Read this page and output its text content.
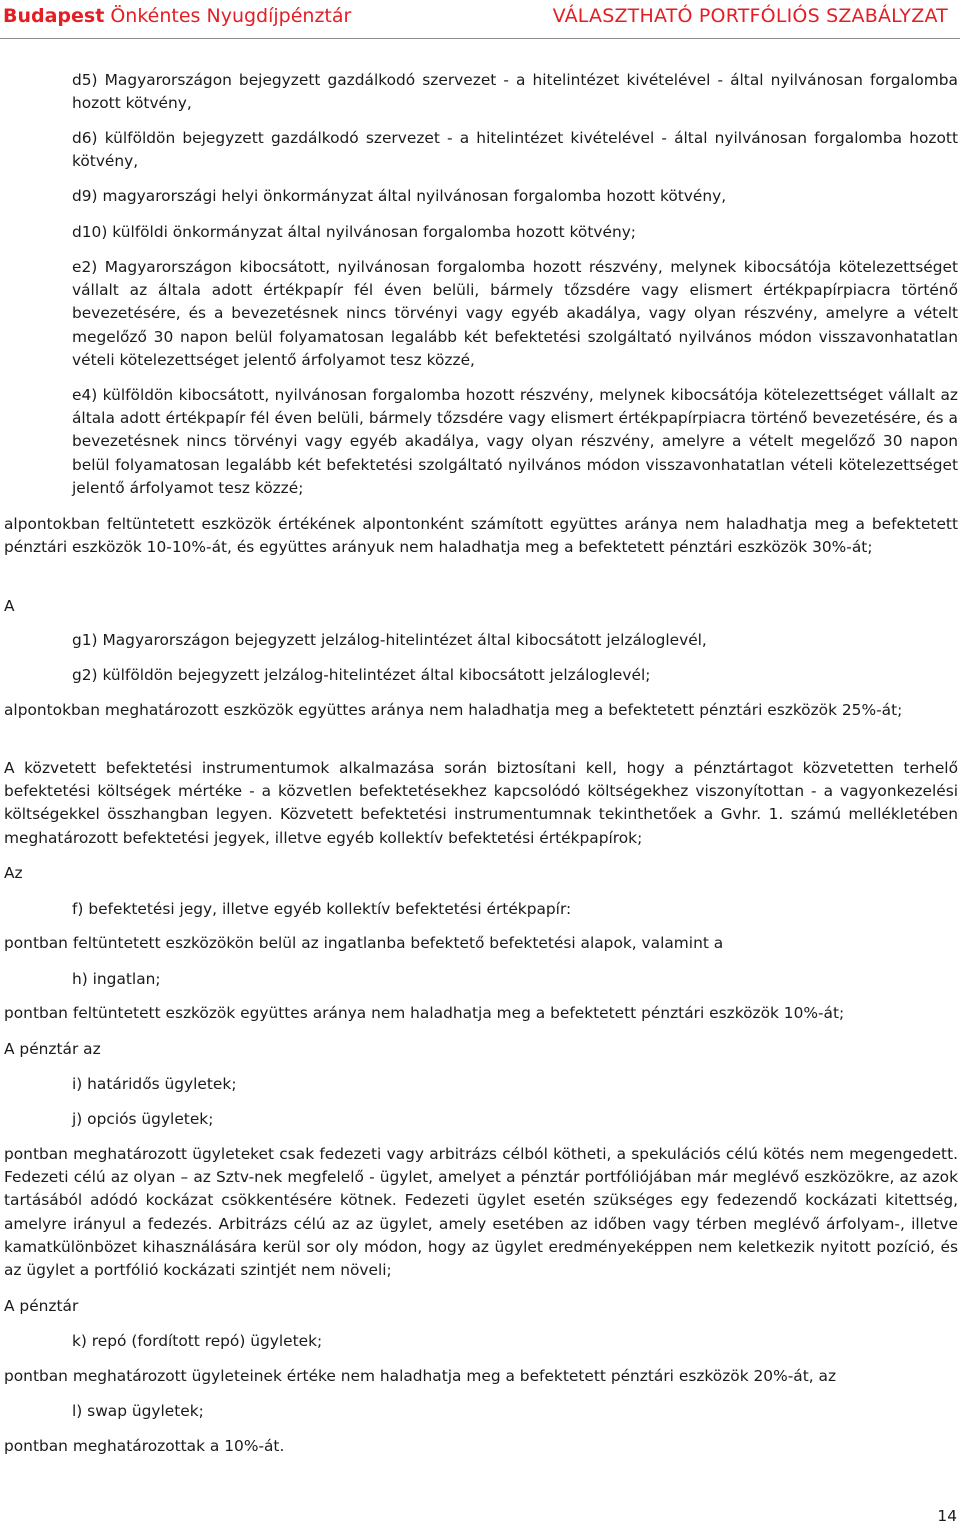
Budapest Önkéntes Nyugdíjpénztár	VÁLASZTHATÓ PORTFÓLIÓS SZABÁLYZAT

d5) Magyarországon bejegyzett gazdálkodó szervezet - a hitelintézet kivételével - által nyilvánosan forgalomba hozott kötvény,

d6) külföldön bejegyzett gazdálkodó szervezet - a hitelintézet kivételével - által nyilvánosan forgalomba hozott kötvény,

d9) magyarországi helyi önkormányzat által nyilvánosan forgalomba hozott kötvény,

d10) külföldi önkormányzat által nyilvánosan forgalomba hozott kötvény;

e2) Magyarországon kibocsátott, nyilvánosan forgalomba hozott részvény, melynek kibocsátója kötelezettséget vállalt az általa adott értékpapír fél éven belüli, bármely tőzsdére vagy elismert értékpapírpiacra történő bevezetésére, és a bevezetésnek nincs törvényi vagy egyéb akadálya, vagy olyan részvény, amelyre a vételt megelőző 30 napon belül folyamatosan legalább két befektetési szolgáltató nyilvános módon visszavonhatatlan vételi kötelezettséget jelentő árfolyamot tesz közzé,

e4) külföldön kibocsátott, nyilvánosan forgalomba hozott részvény, melynek kibocsátója kötelezettséget vállalt az általa adott értékpapír fél éven belüli, bármely tőzsdére vagy elismert értékpapírpiacra történő bevezetésére, és a bevezetésnek nincs törvényi vagy egyéb akadálya, vagy olyan részvény, amelyre a vételt megelőző 30 napon belül folyamatosan legalább két befektetési szolgáltató nyilvános módon visszavonhatatlan vételi kötelezettséget jelentő árfolyamot tesz közzé;

alpontokban feltüntetett eszközök értékének alpontonként számított együttes aránya nem haladhatja meg a befektetett pénztári eszközök 10-10%-át, és együttes arányuk nem haladhatja meg a befektetett pénztári eszközök 30%-át;

A

g1) Magyarországon bejegyzett jelzálog-hitelintézet által kibocsátott jelzáloglevél,

g2) külföldön bejegyzett jelzálog-hitelintézet által kibocsátott jelzáloglevél;

alpontokban meghatározott eszközök együttes aránya nem haladhatja meg a befektetett pénztári eszközök 25%-át;

A közvetett befektetési instrumentumok alkalmazása során biztosítani kell, hogy a pénztártagot közvetetten terhelő befektetési költségek mértéke - a közvetlen befektetésekhez kapcsolódó költségekhez viszonyítottan - a vagyonkezelési költségekkel összhangban legyen. Közvetett befektetési instrumentumnak tekinthetőek a Gvhr. 1. számú mellékletében meghatározott befektetési jegyek, illetve egyéb kollektív befektetési értékpapírok;

Az

f) befektetési jegy, illetve egyéb kollektív befektetési értékpapír:

pontban feltüntetett eszközökön belül az ingatlanba befektető befektetési alapok, valamint a

h) ingatlan;

pontban feltüntetett eszközök együttes aránya nem haladhatja meg a befektetett pénztári eszközök 10%-át;

A pénztár az

i) határidős ügyletek;

j) opciós ügyletek;

pontban meghatározott ügyleteket csak fedezeti vagy arbitrázs célból kötheti, a spekulációs célú kötés nem megengedett. Fedezeti célú az olyan – az Sztv-nek megfelelő - ügylet, amelyet a pénztár portfóliójában már meglévő eszközökre, az azok tartásából adódó kockázat csökkentésére kötnek. Fedezeti ügylet esetén szükséges egy fedezendő kockázati kitettség, amelyre irányul a fedezés. Arbitrázs célú az az ügylet, amely esetében az időben vagy térben meglévő árfolyam-, illetve kamatkülönbözet kihasználására kerül sor oly módon, hogy az ügylet eredményeképpen nem keletkezik nyitott pozíció, és az ügylet a portfólió kockázati szintjét nem növeli;

A pénztár

k) repó (fordított repó) ügyletek;

pontban meghatározott ügyleteinek értéke nem haladhatja meg a befektetett pénztári eszközök 20%-át, az

l) swap ügyletek;

pontban meghatározottak a 10%-át.

14
